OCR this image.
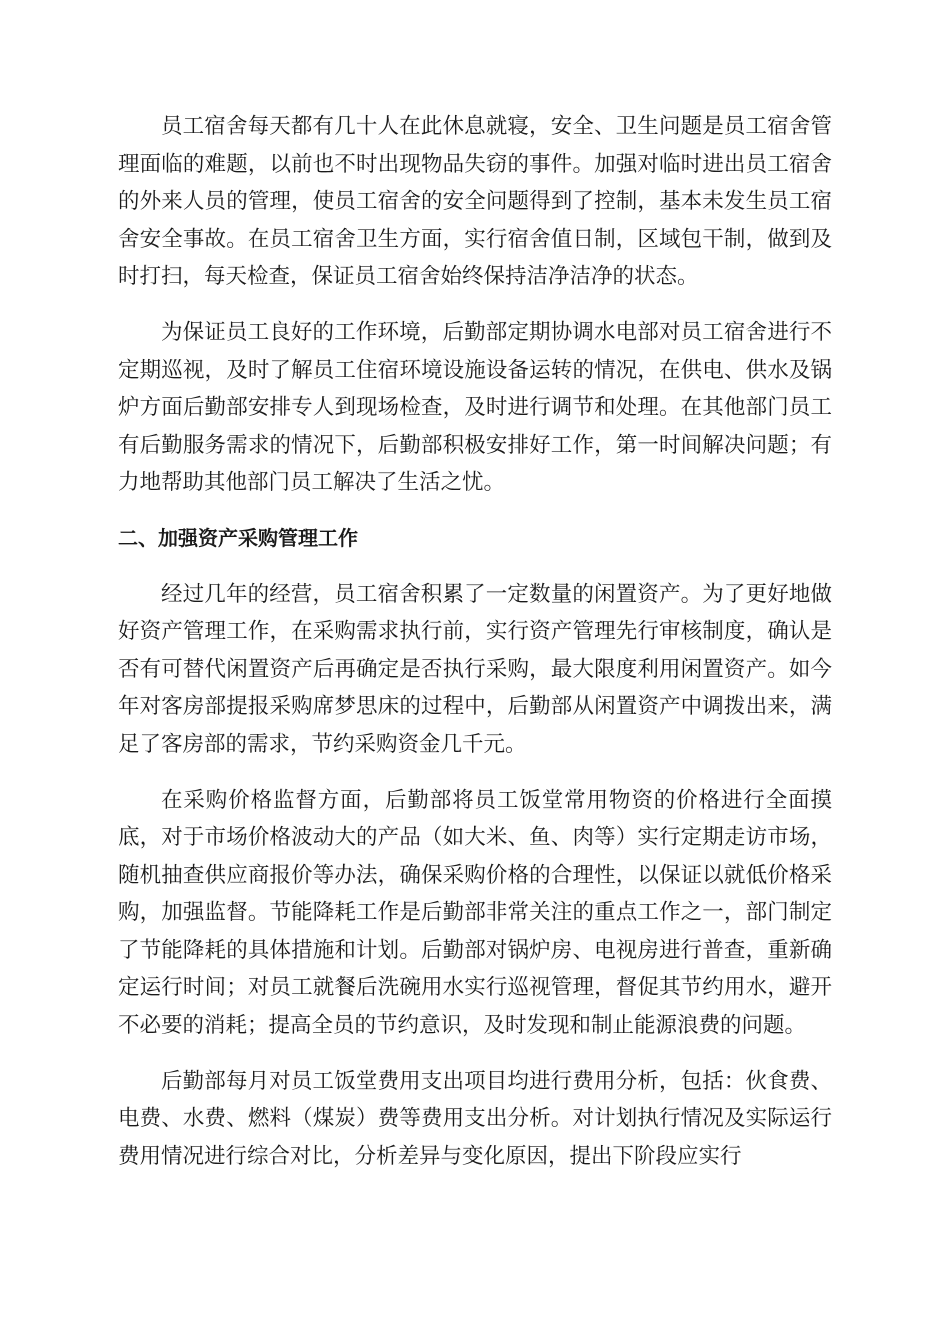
员工宿舍每天都有几十人在此休息就寝，安全、卫生问题是员工宿舍管理面临的难题，以前也不时出现物品失窃的事件。加强对临时进出员工宿舍的外来人员的管理，使员工宿舍的安全问题得到了控制，基本未发生员工宿舍安全事故。在员工宿舍卫生方面，实行宿舍值日制，区域包干制，做到及时打扫，每天检查，保证员工宿舍始终保持洁净洁净的状态。

为保证员工良好的工作环境，后勤部定期协调水电部对员工宿舍进行不定期巡视，及时了解员工住宿环境设施设备运转的情况，在供电、供水及锅炉方面后勤部安排专人到现场检查，及时进行调节和处理。在其他部门员工有后勤服务需求的情况下，后勤部积极安排好工作，第一时间解决问题；有力地帮助其他部门员工解决了生活之忧。

二、加强资产采购管理工作

经过几年的经营，员工宿舍积累了一定数量的闲置资产。为了更好地做好资产管理工作，在采购需求执行前，实行资产管理先行审核制度，确认是否有可替代闲置资产后再确定是否执行采购，最大限度利用闲置资产。如今年对客房部提报采购席梦思床的过程中，后勤部从闲置资产中调拨出来，满足了客房部的需求，节约采购资金几千元。

在采购价格监督方面，后勤部将员工饭堂常用物资的价格进行全面摸底，对于市场价格波动大的产品（如大米、鱼、肉等）实行定期走访市场，随机抽查供应商报价等办法，确保采购价格的合理性，以保证以就低价格采购，加强监督。节能降耗工作是后勤部非常关注的重点工作之一，部门制定了节能降耗的具体措施和计划。后勤部对锅炉房、电视房进行普查，重新确定运行时间；对员工就餐后洗碗用水实行巡视管理，督促其节约用水，避开不必要的消耗；提高全员的节约意识，及时发现和制止能源浪费的问题。

后勤部每月对员工饭堂费用支出项目均进行费用分析，包括：伙食费、电费、水费、燃料（煤炭）费等费用支出分析。对计划执行情况及实际运行费用情况进行综合对比，分析差异与变化原因，提出下阶段应实行
